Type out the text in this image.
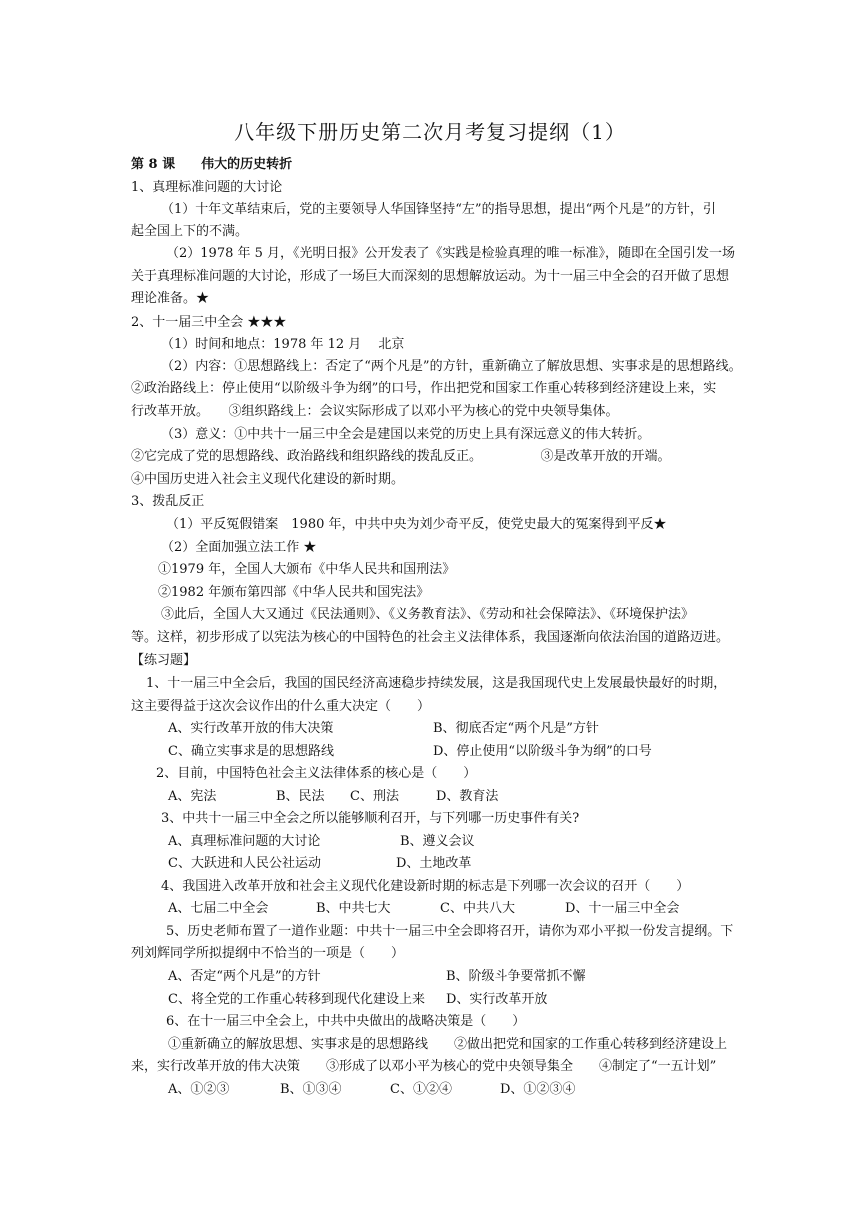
八年级下册历史第二次月考复习提纲（1）
第 8 课　　伟大的历史转折
1、真理标准问题的大讨论
（1）十年文革结束后，党的主要领导人华国锋坚持“左”的指导思想，提出“两个凡是”的方针，引
起全国上下的不满。
（2）1978 年 5 月，《光明日报》公开发表了《实践是检验真理的唯一标准》，随即在全国引发一场
关于真理标准问题的大讨论，形成了一场巨大而深刻的思想解放运动。为十一届三中全会的召开做了思想
理论准备。★
2、十一届三中全会 ★★★
（1）时间和地点：1978 年 12 月　 北京
（2）内容：①思想路线上：否定了“两个凡是”的方针，重新确立了解放思想、实事求是的思想路线。
②政治路线上：停止使用“以阶级斗争为纲”的口号，作出把党和国家工作重心转移到经济建设上来，实
行改革开放。　　③组织路线上：会议实际形成了以邓小平为核心的党中央领导集体。
（3）意义：①中共十一届三中全会是建国以来党的历史上具有深远意义的伟大转折。
②它完成了党的思想路线、政治路线和组织路线的拨乱反正。　　　　　③是改革开放的开端。
④中国历史进入社会主义现代化建设的新时期。
3、拨乱反正
（1）平反冤假错案　1980 年，中共中央为刘少奇平反，使党史最大的冤案得到平反★
（2）全面加强立法工作 ★
①1979 年，全国人大颁布《中华人民共和国刑法》
②1982 年颁布第四部《中华人民共和国宪法》
③此后，全国人大又通过《民法通则》、《义务教育法》、《劳动和社会保障法》、《环境保护法》
等。这样，初步形成了以宪法为核心的中国特色的社会主义法律体系，我国逐渐向依法治国的道路迈进。
【练习题】
1、十一届三中全会后，我国的国民经济高速稳步持续发展，这是我国现代史上发展最快最好的时期，
这主要得益于这次会议作出的什么重大决定（　　）
A、实行改革开放的伟大决策	B、彻底否定“两个凡是”方针
C、确立实事求是的思想路线	D、停止使用“以阶级斗争为纲”的口号
2、目前，中国特色社会主义法律体系的核心是（　　）
A、宪法	B、民法 C、刑法	D、教育法
3、中共十一届三中全会之所以能够顺利召开，与下列哪一历史事件有关?
A、真理标准问题的大讨论	B、遵义会议
C、大跃进和人民公社运动	D、土地改革
4、我国进入改革开放和社会主义现代化建设新时期的标志是下列哪一次会议的召开（　　）
A、七届二中全会	B、中共七大	C、中共八大	D、十一届三中全会
5、历史老师布置了一道作业题：中共十一届三中全会即将召开，请你为邓小平拟一份发言提纲。下
列刘辉同学所拟提纲中不恰当的一项是（　　）
A、否定“两个凡是”的方针	B、阶级斗争要常抓不懈
C、将全党的工作重心转移到现代化建设上来 D、实行改革开放
6、在十一届三中全会上，中共中央做出的战略决策是（　　）
①重新确立的解放思想、实事求是的思想路线　　②做出把党和国家的工作重心转移到经济建设上
来，实行改革开放的伟大决策　　③形成了以邓小平为核心的党中央领导集全　　④制定了“一五计划”
A、①②③	B、①③④	C、①②④	D、①②③④
